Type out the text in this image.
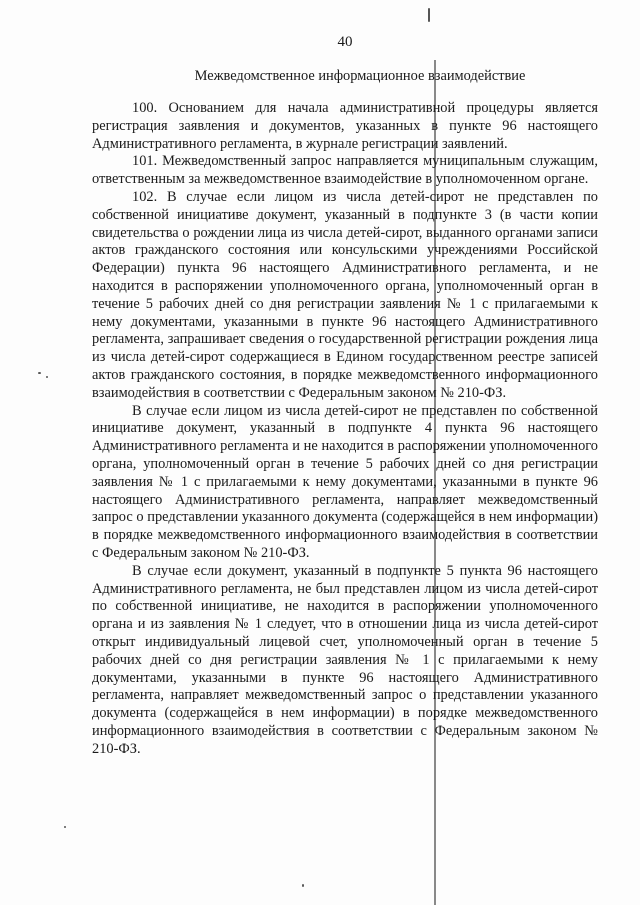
40
Межведомственное информационное взаимодействие

100. Основанием для начала административной процедуры является регистрация заявления и документов, указанных в пункте 96 настоящего Административного регламента, в журнале регистрации заявлений.

101. Межведомственный запрос направляется муниципальным служащим, ответственным за межведомственное взаимодействие в уполномоченном органе.

102. В случае если лицом из числа детей-сирот не представлен по собственной инициативе документ, указанный в подпункте 3 (в части копии свидетельства о рождении лица из числа детей-сирот, выданного органами записи актов гражданского состояния или консульскими учреждениями Российской Федерации) пункта 96 настоящего Административного регламента, и не находится в распоряжении уполномоченного органа, уполномоченный орган в течение 5 рабочих дней со дня регистрации заявления № 1 с прилагаемыми к нему документами, указанными в пункте 96 настоящего Административного регламента, запрашивает сведения о государственной регистрации рождения лица из числа детей-сирот содержащиеся в Едином государственном реестре записей актов гражданского состояния, в порядке межведомственного информационного взаимодействия в соответствии с Федеральным законом № 210-ФЗ.

В случае если лицом из числа детей-сирот не представлен по собственной инициативе документ, указанный в подпункте 4 пункта 96 настоящего Административного регламента и не находится в распоряжении уполномоченного органа, уполномоченный орган в течение 5 рабочих дней со дня регистрации заявления № 1 с прилагаемыми к нему документами, указанными в пункте 96 настоящего Административного регламента, направляет межведомственный запрос о представлении указанного документа (содержащейся в нем информации) в порядке межведомственного информационного взаимодействия в соответствии с Федеральным законом № 210-ФЗ.

В случае если документ, указанный в подпункте 5 пункта 96 настоящего Административного регламента, не был представлен лицом из числа детей-сирот по собственной инициативе, не находится в распоряжении уполномоченного органа и из заявления № 1 следует, что в отношении лица из числа детей-сирот открыт индивидуальный лицевой счет, уполномоченный орган в течение 5 рабочих дней со дня регистрации заявления № 1 с прилагаемыми к нему документами, указанными в пункте 96 настоящего Административного регламента, направляет межведомственный запрос о представлении указанного документа (содержащейся в нем информации) в порядке межведомственного информационного взаимодействия в соответствии с Федеральным законом № 210-ФЗ.
